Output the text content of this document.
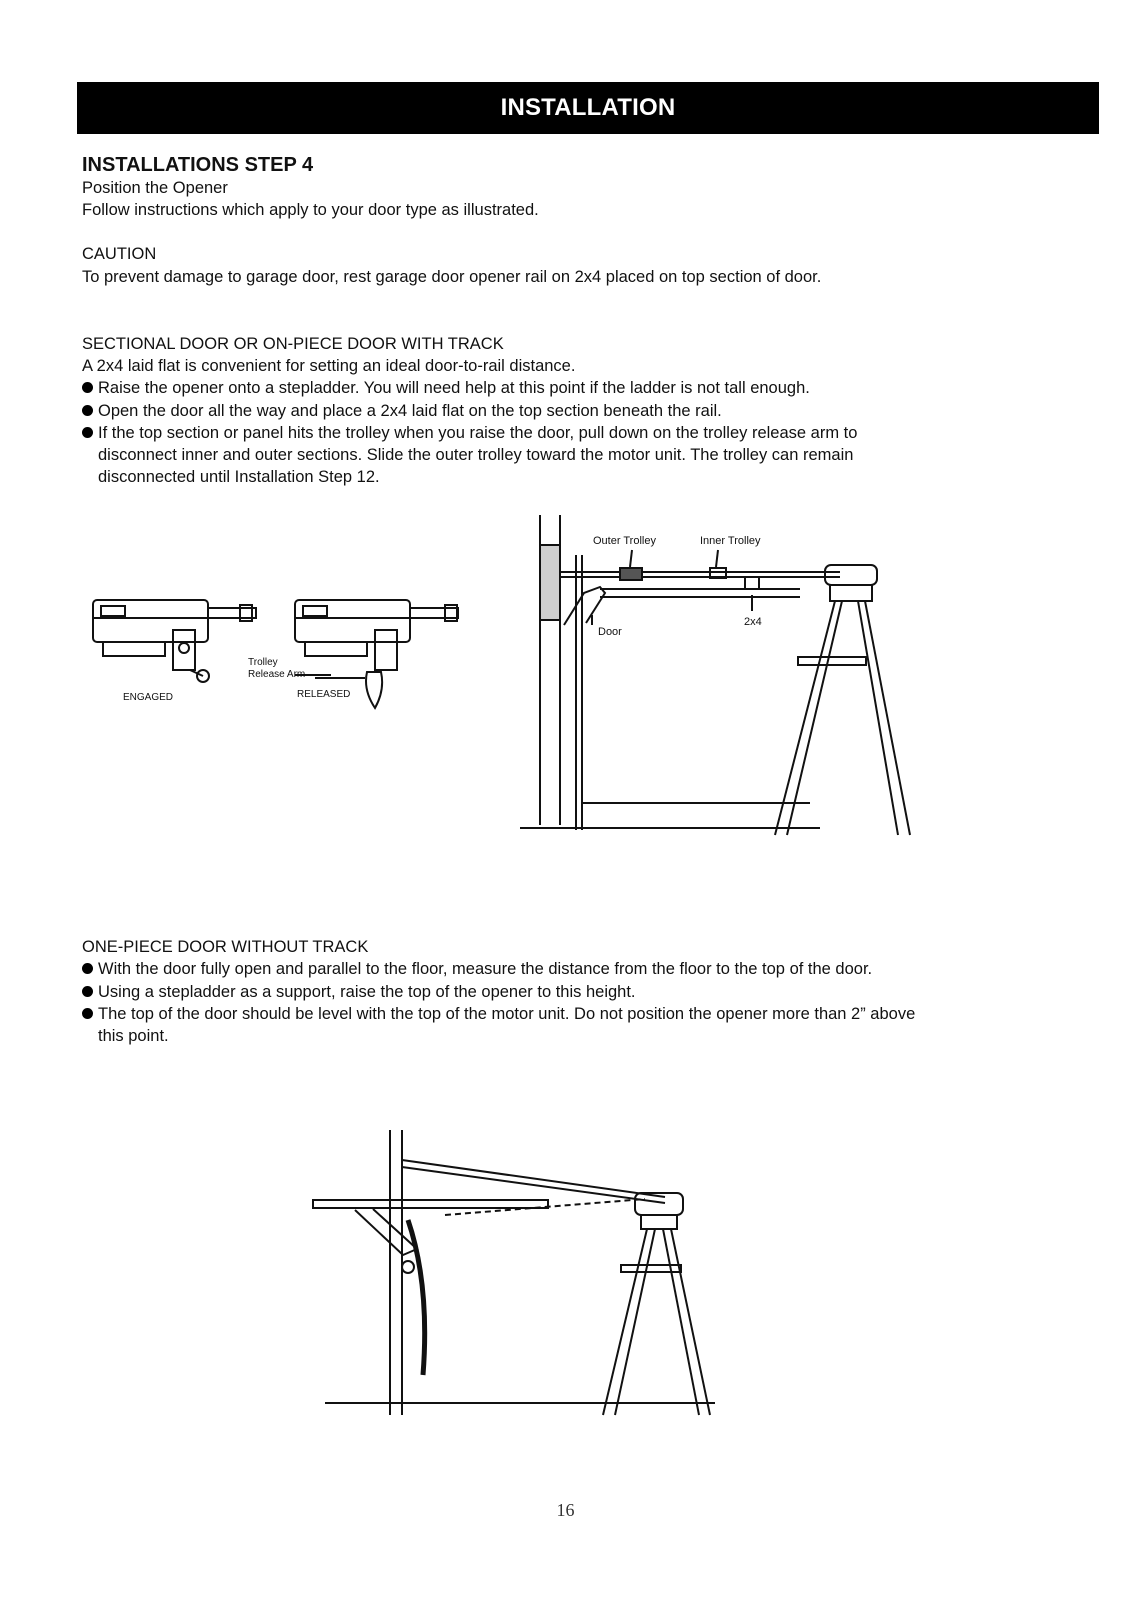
INSTALLATION
INSTALLATIONS STEP 4
Position the Opener
Follow instructions which apply to your door type as illustrated.
CAUTION
To prevent damage to garage door, rest garage door opener rail on 2x4 placed on top section of door.
SECTIONAL DOOR OR ON-PIECE DOOR WITH TRACK
A 2x4 laid flat is convenient for setting an ideal door-to-rail distance.
Raise the opener onto a stepladder. You will need help at this point if the ladder is not tall enough.
Open the door all the way and place a 2x4 laid flat on the top section beneath the rail.
If the top section or panel hits the trolley when you raise the door, pull down on the trolley release arm to
disconnect inner and outer sections. Slide the outer trolley toward the motor unit. The trolley can remain
disconnected until Installation Step 12.
Trolley
Release Arm
ENGAGED	RELEASED
Outer Trolley	Inner Trolley
Door
2x4
ONE-PIECE DOOR WITHOUT TRACK
With the door fully open and parallel to the floor, measure the distance from the floor to the top of the door.
Using a stepladder as a support, raise the top of the opener to this height.
The top of the door should be level with the top of the motor unit. Do not position the opener more than 2” above
this point.
16
